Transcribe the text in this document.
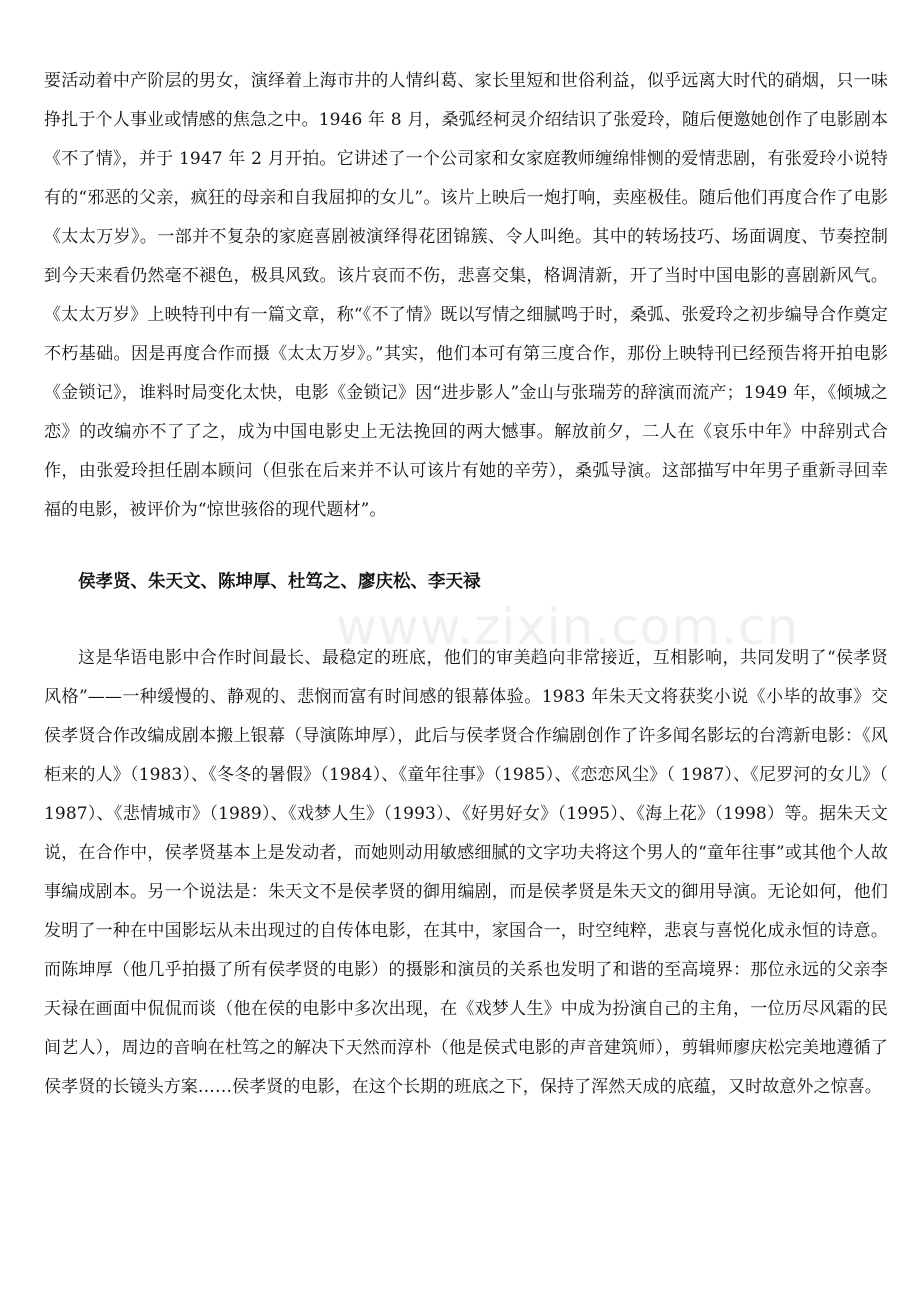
要活动着中产阶层的男女，演绎着上海市井的人情纠葛、家长里短和世俗利益，似乎远离大时代的硝烟，只一味挣扎于个人事业或情感的焦急之中。1946 年 8 月，桑弧经柯灵介绍结识了张爱玲，随后便邀她创作了电影剧本《不了情》，并于 1947 年 2 月开拍。它讲述了一个公司家和女家庭教师缠绵悱恻的爱情悲剧，有张爱玲小说特有的“邪恶的父亲，疯狂的母亲和自我屈抑的女儿”。该片上映后一炮打响，卖座极佳。随后他们再度合作了电影《太太万岁》。一部并不复杂的家庭喜剧被演绎得花团锦簇、令人叫绝。其中的转场技巧、场面调度、节奏控制到今天来看仍然毫不褪色，极具风致。该片哀而不伤，悲喜交集，格调清新，开了当时中国电影的喜剧新风气。《太太万岁》上映特刊中有一篇文章，称“《不了情》既以写情之细腻鸣于时，桑弧、张爱玲之初步编导合作奠定不朽基础。因是再度合作而摄《太太万岁》。”其实，他们本可有第三度合作，那份上映特刊已经预告将开拍电影《金锁记》，谁料时局变化太快，电影《金锁记》因“进步影人”金山与张瑞芳的辞演而流产；1949 年，《倾城之恋》的改编亦不了了之，成为中国电影史上无法挽回的两大憾事。解放前夕，二人在《哀乐中年》中辞别式合作，由张爱玲担任剧本顾问（但张在后来并不认可该片有她的辛劳），桑弧导演。这部描写中年男子重新寻回幸福的电影，被评价为“惊世骇俗的现代题材”。

侯孝贤、朱天文、陈坤厚、杜笃之、廖庆松、李天禄

这是华语电影中合作时间最长、最稳定的班底，他们的审美趋向非常接近，互相影响，共同发明了“侯孝贤风格”——一种缓慢的、静观的、悲悯而富有时间感的银幕体验。1983 年朱天文将获奖小说《小毕的故事》交侯孝贤合作改编成剧本搬上银幕（导演陈坤厚），此后与侯孝贤合作编剧创作了许多闻名影坛的台湾新电影：《风柜来的人》（1983）、《冬冬的暑假》（1984）、《童年往事》（1985）、《恋恋风尘》（ 1987）、《尼罗河的女儿》（ 1987）、《悲情城市》（1989）、《戏梦人生》（1993）、《好男好女》（1995）、《海上花》（1998）等。据朱天文说，在合作中，侯孝贤基本上是发动者，而她则动用敏感细腻的文字功夫将这个男人的“童年往事”或其他个人故事编成剧本。另一个说法是：朱天文不是侯孝贤的御用编剧，而是侯孝贤是朱天文的御用导演。无论如何，他们发明了一种在中国影坛从未出现过的自传体电影，在其中，家国合一，时空纯粹，悲哀与喜悦化成永恒的诗意。而陈坤厚（他几乎拍摄了所有侯孝贤的电影）的摄影和演员的关系也发明了和谐的至高境界：那位永远的父亲李天禄在画面中侃侃而谈（他在侯的电影中多次出现，在《戏梦人生》中成为扮演自己的主角，一位历尽风霜的民间艺人），周边的音响在杜笃之的解决下天然而淳朴（他是侯式电影的声音建筑师），剪辑师廖庆松完美地遵循了侯孝贤的长镜头方案……侯孝贤的电影，在这个长期的班底之下，保持了浑然天成的底蕴，又时故意外之惊喜。

www.zixin.com.cn
